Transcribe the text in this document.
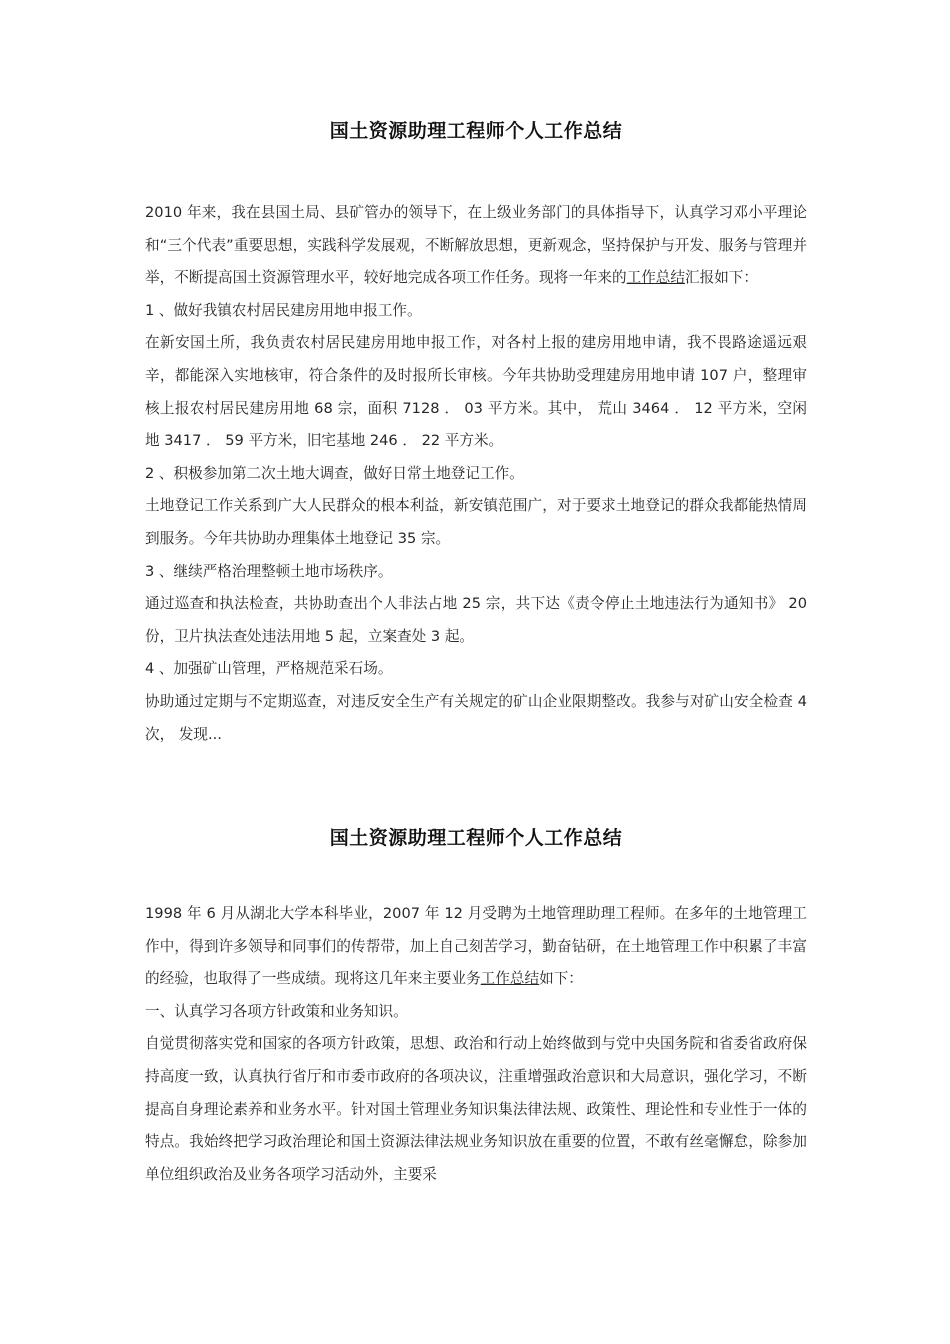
国土资源助理工程师个人工作总结

2010 年来，我在县国土局、县矿管办的领导下，在上级业务部门的具体指导下，认真学习邓小平理论和“三个代表”重要思想，实践科学发展观，不断解放思想，更新观念，坚持保护与开发、服务与管理并举，不断提高国土资源管理水平，较好地完成各项工作任务。现将一年来的工作总结汇报如下：

1 、做好我镇农村居民建房用地申报工作。

在新安国土所，我负责农村居民建房用地申报工作，对各村上报的建房用地申请，我不畏路途遥远艰辛，都能深入实地核审，符合条件的及时报所长审核。今年共协助受理建房用地申请 107 户，整理审核上报农村居民建房用地 68 宗，面积 7128 ． 03 平方米。其中， 荒山 3464 ． 12 平方米，空闲地 3417 ． 59 平方米，旧宅基地 246 ． 22 平方米。

2 、积极参加第二次土地大调查，做好日常土地登记工作。

土地登记工作关系到广大人民群众的根本利益，新安镇范围广，对于要求土地登记的群众我都能热情周到服务。今年共协助办理集体土地登记 35 宗。

3 、继续严格治理整顿土地市场秩序。

通过巡查和执法检查，共协助查出个人非法占地 25 宗，共下达《责令停止土地违法行为通知书》 20 份，卫片执法查处违法用地 5 起，立案查处 3 起。

4 、加强矿山管理，严格规范采石场。

协助通过定期与不定期巡查，对违反安全生产有关规定的矿山企业限期整改。我参与对矿山安全检查 4 次， 发现...

国土资源助理工程师个人工作总结

1998 年 6 月从湖北大学本科毕业，2007 年 12 月受聘为土地管理助理工程师。在多年的土地管理工作中，得到许多领导和同事们的传帮带，加上自己刻苦学习，勤奋钻研，在土地管理工作中积累了丰富的经验，也取得了一些成绩。现将这几年来主要业务工作总结如下：

一、认真学习各项方针政策和业务知识。

自觉贯彻落实党和国家的各项方针政策，思想、政治和行动上始终做到与党中央国务院和省委省政府保持高度一致，认真执行省厅和市委市政府的各项决议，注重增强政治意识和大局意识，强化学习，不断提高自身理论素养和业务水平。针对国土管理业务知识集法律法规、政策性、理论性和专业性于一体的特点。我始终把学习政治理论和国土资源法律法规业务知识放在重要的位置，不敢有丝毫懈怠，除参加单位组织政治及业务各项学习活动外，主要采
